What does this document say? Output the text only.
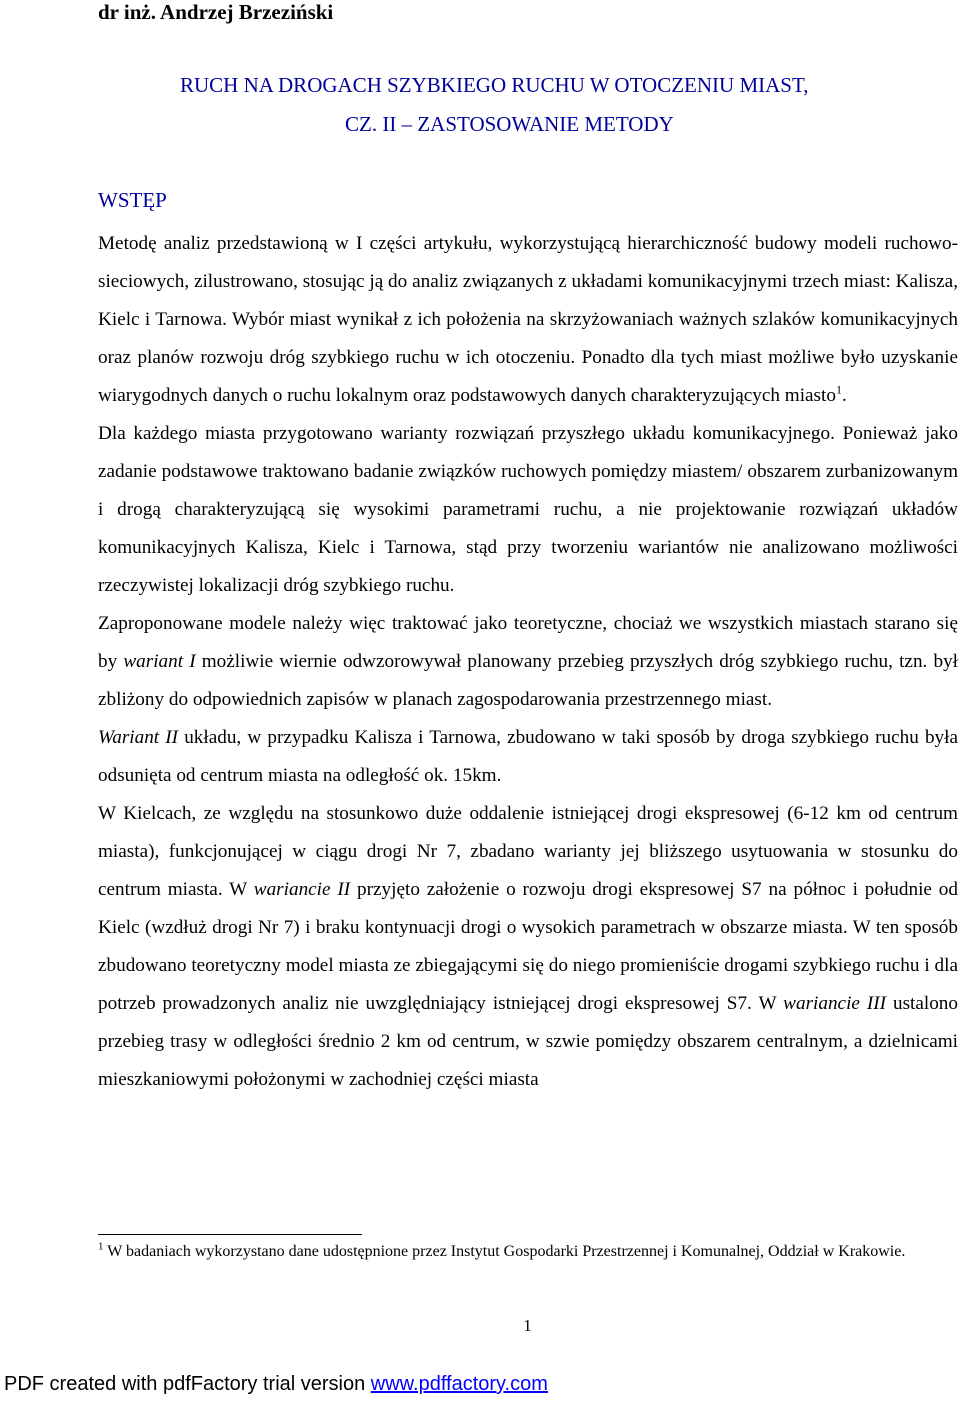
dr inż. Andrzej Brzeziński
RUCH NA DROGACH SZYBKIEGO RUCHU W OTOCZENIU MIAST,
CZ. II – ZASTOSOWANIE METODY
WSTĘP

Metodę analiz przedstawioną w I części artykułu, wykorzystującą hierarchiczność budowy modeli ruchowo-sieciowych, zilustrowano, stosując ją do analiz związanych z układami komunikacyjnymi trzech miast: Kalisza, Kielc i Tarnowa. Wybór miast wynikał z ich położenia na skrzyżowaniach ważnych szlaków komunikacyjnych oraz planów rozwoju dróg szybkiego ruchu w ich otoczeniu. Ponadto dla tych miast możliwe było uzyskanie wiarygodnych danych o ruchu lokalnym oraz podstawowych danych charakteryzujących miasto$^1$.

Dla każdego miasta przygotowano warianty rozwiązań przyszłego układu komunikacyjnego. Ponieważ jako zadanie podstawowe traktowano badanie związków ruchowych pomiędzy miastem/ obszarem zurbanizowanym i drogą charakteryzującą się wysokimi parametrami ruchu, a nie projektowanie rozwiązań układów komunikacyjnych Kalisza, Kielc i Tarnowa, stąd przy tworzeniu wariantów nie analizowano możliwości rzeczywistej lokalizacji dróg szybkiego ruchu.

Zaproponowane modele należy więc traktować jako teoretyczne, chociaż we wszystkich miastach starano się by wariant I możliwie wiernie odwzorowywał planowany przebieg przyszłych dróg szybkiego ruchu, tzn. był zbliżony do odpowiednich zapisów w planach zagospodarowania przestrzennego miast.

Wariant II układu, w przypadku Kalisza i Tarnowa, zbudowano w taki sposób by droga szybkiego ruchu była odsunięta od centrum miasta na odległość ok. 15km.

W Kielcach, ze względu na stosunkowo duże oddalenie istniejącej drogi ekspresowej (6-12 km od centrum miasta), funkcjonującej w ciągu drogi Nr 7, zbadano warianty jej bliższego usytuowania w stosunku do centrum miasta. W wariancie II przyjęto założenie o rozwoju drogi ekspresowej S7 na północ i południe od Kielc (wzdłuż drogi Nr 7) i braku kontynuacji drogi o wysokich parametrach w obszarze miasta. W ten sposób zbudowano teoretyczny model miasta ze zbiegającymi się do niego promieniście drogami szybkiego ruchu i dla potrzeb prowadzonych analiz nie uwzględniający istniejącej drogi ekspresowej S7. W wariancie III ustalono przebieg trasy w odległości średnio 2 km od centrum, w szwie pomiędzy obszarem centralnym, a dzielnicami mieszkaniowymi położonymi w zachodniej części miasta

$^1$ W badaniach wykorzystano dane udostępnione przez Instytut Gospodarki Przestrzennej i Komunalnej, Oddział w Krakowie.
1
PDF created with pdfFactory trial version www.pdffactory.com
